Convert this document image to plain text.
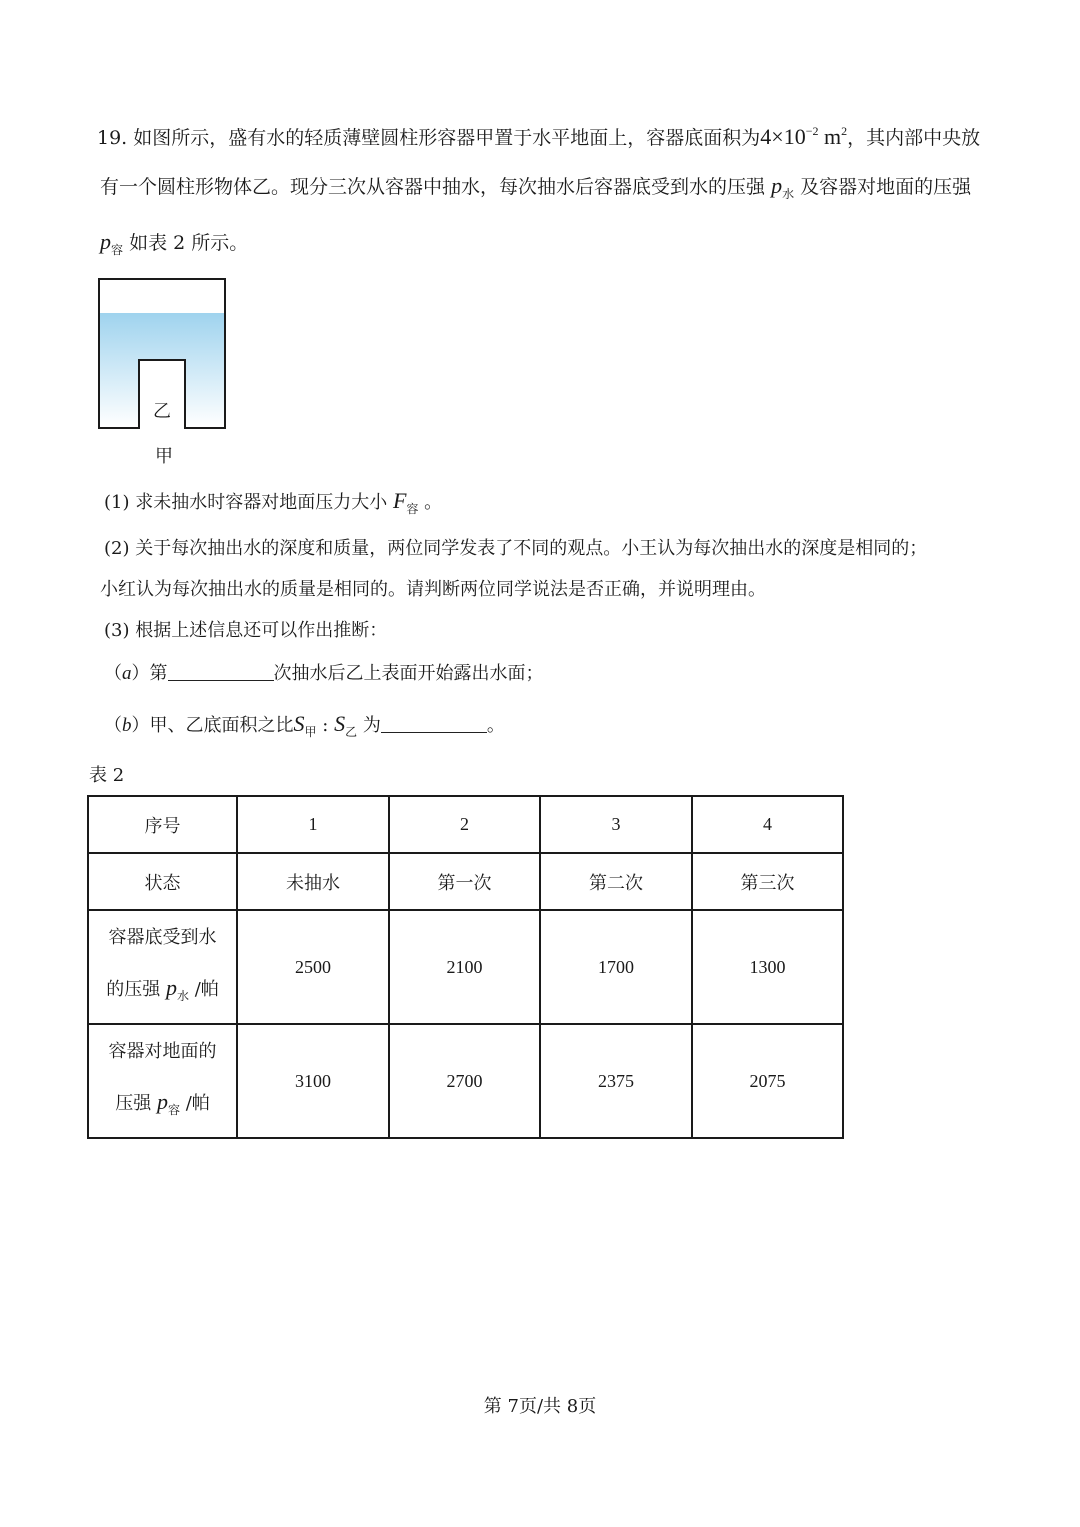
19. 如图所示，盛有水的轻质薄壁圆柱形容器甲置于水平地面上，容器底面积为$4\times 10^{-2}$ $m^2$，其内部中央放
有一个圆柱形物体乙。现分三次从容器中抽水，每次抽水后容器底受到水的压强 $p_水$ 及容器对地面的压强
$p_容$ 如表 2 所示。
乙
甲
(1) 求未抽水时容器对地面压力大小 $F_容$ 。
(2) 关于每次抽出水的深度和质量，两位同学发表了不同的观点。小王认为每次抽出水的深度是相同的；
小红认为每次抽出水的质量是相同的。请判断两位同学说法是否正确，并说明理由。
(3) 根据上述信息还可以作出推断：
（a）第	次抽水后乙上表面开始露出水面；
（b）甲、乙底面积之比$S_甲$ : $S_乙$ 为	。
表 2
序号	1	2	3	4
状态	未抽水	第一次	第二次	第三次

容器底受到水
的压强 $p_水$ /帕	2500	2100	1700	1300

容器对地面的
压强 $p_容$ /帕	3100	2700	2375	2075
第 7页/共 8页
